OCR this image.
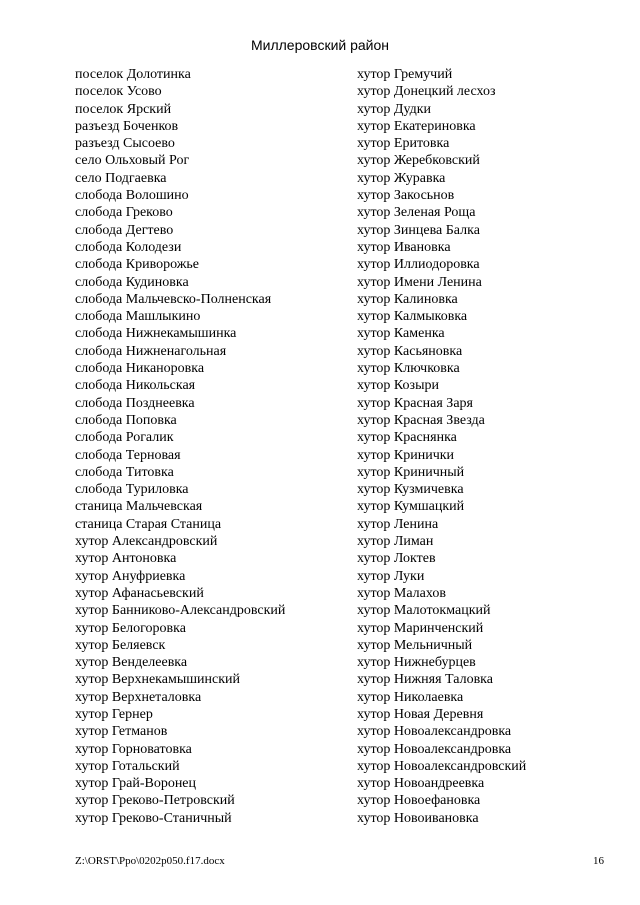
Миллеровский район
поселок Долотинка
поселок Усово
поселок Ярский
разъезд Боченков
разъезд Сысоево
село Ольховый Рог
село Подгаевка
слобода Волошино
слобода Греково
слобода Дегтево
слобода Колодези
слобода Криворожье
слобода Кудиновка
слобода Мальчевско-Полненская
слобода Машлыкино
слобода Нижнекамышинка
слобода Нижненагольная
слобода Никаноровка
слобода Никольская
слобода Позднеевка
слобода Поповка
слобода Рогалик
слобода Терновая
слобода Титовка
слобода Туриловка
станица Мальчевская
станица Старая Станица
хутор Александровский
хутор Антоновка
хутор Ануфриевка
хутор Афанасьевский
хутор Банниково-Александровский
хутор Белогоровка
хутор Беляевск
хутор Венделеевка
хутор Верхнекамышинский
хутор Верхнеталовка
хутор Гернер
хутор Гетманов
хутор Горноватовка
хутор Готальский
хутор Грай-Воронец
хутор Греково-Петровский
хутор Греково-Станичный
хутор Гремучий
хутор Донецкий лесхоз
хутор Дудки
хутор Екатериновка
хутор Еритовка
хутор Жеребковский
хутор Журавка
хутор Закосьнов
хутор Зеленая Роща
хутор Зинцева Балка
хутор Ивановка
хутор Иллиодоровка
хутор Имени Ленина
хутор Калиновка
хутор Калмыковка
хутор Каменка
хутор Касьяновка
хутор Ключковка
хутор Козыри
хутор Красная Заря
хутор Красная Звезда
хутор Краснянка
хутор Кринички
хутор Криничный
хутор Кузмичевка
хутор Кумшацкий
хутор Ленина
хутор Лиман
хутор Локтев
хутор Луки
хутор Малахов
хутор Малотокмацкий
хутор Маринченский
хутор Мельничный
хутор Нижнебурцев
хутор Нижняя Таловка
хутор Николаевка
хутор Новая Деревня
хутор Новоалександровка
хутор Новоалександровка
хутор Новоалександровский
хутор Новоандреевка
хутор Новоефановка
хутор Новоивановка
Z:\ORST\Ppo\0202p050.f17.docx	16
